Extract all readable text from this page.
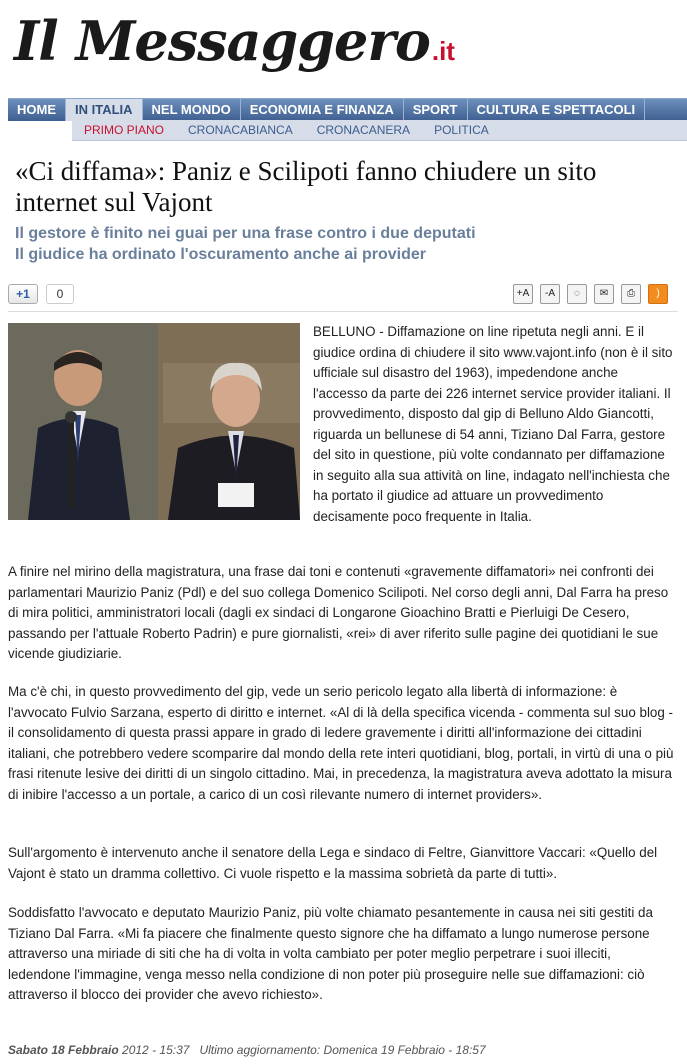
Il Messaggero.it
HOME	IN ITALIA	NEL MONDO	ECONOMIA E FINANZA	SPORT	CULTURA E SPETTACOLI
PRIMO PIANO	CRONACABIANCA	CRONACANERA	POLITICA
«Ci diffama»: Paniz e Scilipoti fanno chiudere un sito internet sul Vajont
Il gestore è finito nei guai per una frase contro i due deputati
Il giudice ha ordinato l'oscuramento anche ai provider
+1	0	+A	-A	◌	✉	⎙	)
BELLUNO - Diffamazione on line ripetuta negli anni. E il giudice ordina di chiudere il sito www.vajont.info (non è il sito ufficiale sul disastro del 1963), impedendone anche l'accesso da parte dei 226 internet service provider italiani. Il provvedimento, disposto dal gip di Belluno Aldo Giancotti, riguarda un bellunese di 54 anni, Tiziano Dal Farra, gestore del sito in questione, più volte condannato per diffamazione in seguito alla sua attività on line, indagato nell'inchiesta che ha portato il giudice ad attuare un provvedimento decisamente poco frequente in Italia.

A finire nel mirino della magistratura, una frase dai toni e contenuti «gravemente diffamatori» nei confronti dei parlamentari Maurizio Paniz (Pdl) e del suo collega Domenico Scilipoti. Nel corso degli anni, Dal Farra ha preso di mira politici, amministratori locali (dagli ex sindaci di Longarone Gioachino Bratti e Pierluigi De Cesero, passando per l'attuale Roberto Padrin) e pure giornalisti, «rei» di aver riferito sulle pagine dei quotidiani le sue vicende giudiziarie.

Ma c'è chi, in questo provvedimento del gip, vede un serio pericolo legato alla libertà di informazione: è l'avvocato Fulvio Sarzana, esperto di diritto e internet. «Al di là della specifica vicenda - commenta sul suo blog - il consolidamento di questa prassi appare in grado di ledere gravemente i diritti all'informazione dei cittadini italiani, che potrebbero vedere scomparire dal mondo della rete interi quotidiani, blog, portali, in virtù di una o più frasi ritenute lesive dei diritti di un singolo cittadino. Mai, in precedenza, la magistratura aveva adottato la misura di inibire l'accesso a un portale, a carico di un così rilevante numero di internet providers».

Sull'argomento è intervenuto anche il senatore della Lega e sindaco di Feltre, Gianvittore Vaccari: «Quello del Vajont è stato un dramma collettivo. Ci vuole rispetto e la massima sobrietà da parte di tutti».

Soddisfatto l'avvocato e deputato Maurizio Paniz, più volte chiamato pesantemente in causa nei siti gestiti da Tiziano Dal Farra. «Mi fa piacere che finalmente questo signore che ha diffamato a lungo numerose persone attraverso una miriade di siti che ha di volta in volta cambiato per poter meglio perpetrare i suoi illeciti, ledendone l'immagine, venga messo nella condizione di non poter più proseguire nelle sue diffamazioni: ciò attraverso il blocco dei provider che avevo richiesto».

Sabato 18 Febbraio 2012 - 15:37 Ultimo aggiornamento: Domenica 19 Febbraio - 18:57
